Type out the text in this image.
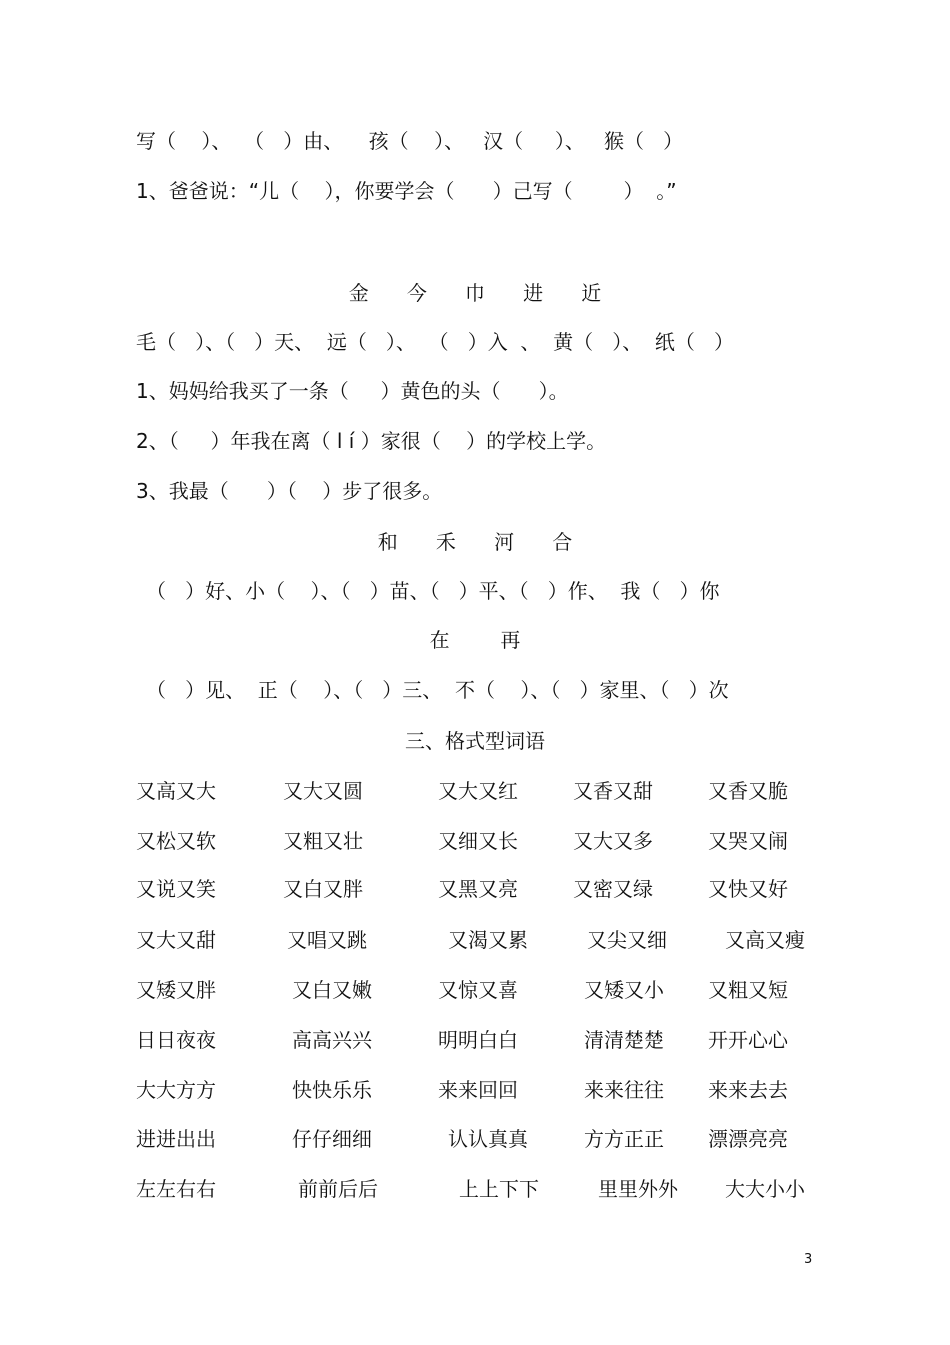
写（    ）、  （   ）由、    孩（    ）、   汉（     ）、   猴（   ）
1、爸爸说：“儿（    ），你要学会（      ）己写（        ）  。”
金      今      巾      进      近
毛（   ）、（   ）天、  远（   ）、  （   ）入  、  黄（   ）、  纸（   ）
1、妈妈给我买了一条（     ）黄色的头（      ）。
2、（     ）年我在离（ l í ）家很（    ）的学校上学。
3、我最（      ）（    ）步了很多。
和      禾      河      合
（   ）好、小（    ）、（   ）苗、（   ）平、（   ）作、  我（   ）你
在        再
（   ）见、  正（    ）、（   ）三、  不（    ）、（   ）家里、（   ）次
三、格式型词语
又高又大	又大又圆	又大又红	又香又甜	又香又脆
又松又软	又粗又壮	又细又长	又大又多	又哭又闹
又说又笑	又白又胖	又黑又亮	又密又绿	又快又好
又大又甜	又唱又跳	又渴又累	又尖又细	又高又瘦
又矮又胖	又白又嫩	又惊又喜	又矮又小 又粗又短
日日夜夜	高高兴兴	明明白白	清清楚楚 开开心心
大大方方	快快乐乐	来来回回	来来往往 来来去去
进进出出	仔仔细细	认认真真	方方正正 漂漂亮亮
左左右右	前前后后	上上下下	里里外外 大大小小
3
